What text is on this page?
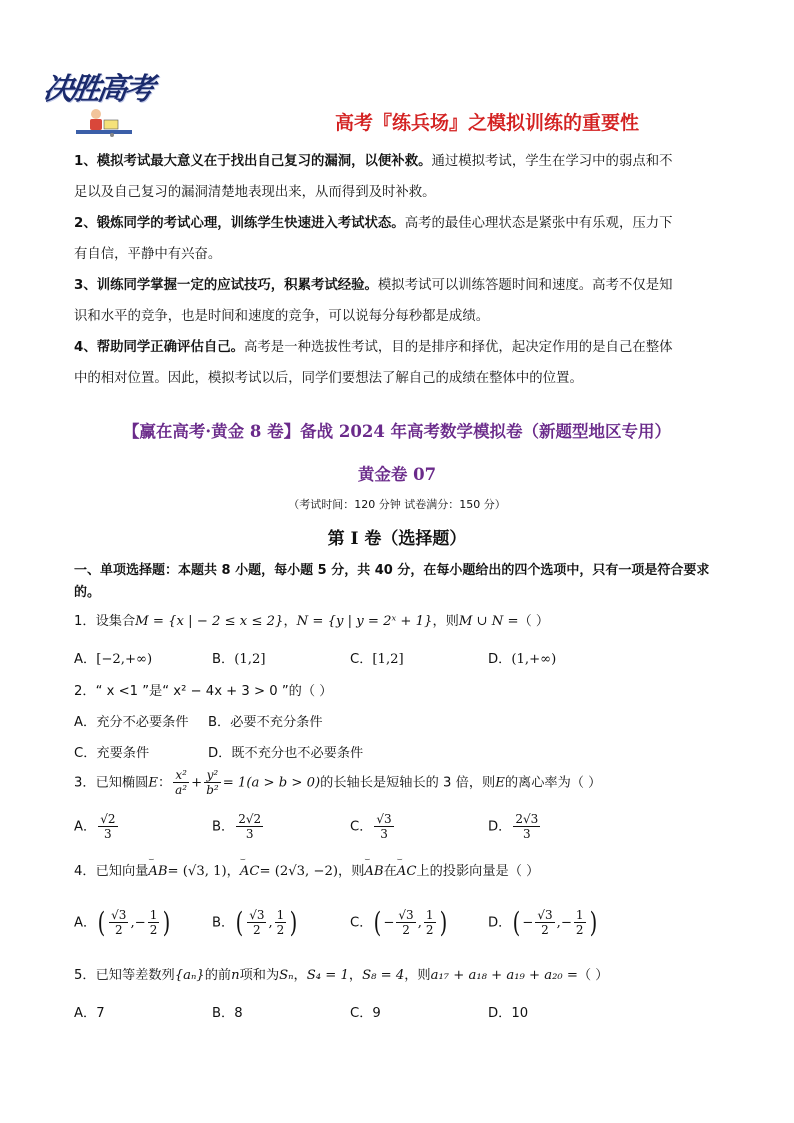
决胜高考
高考『练兵场』之模拟训练的重要性

1、模拟考试最大意义在于找出自己复习的漏洞，以便补救。通过模拟考试，学生在学习中的弱点和不
足以及自己复习的漏洞清楚地表现出来，从而得到及时补救。

2、锻炼同学的考试心理，训练学生快速进入考试状态。高考的最佳心理状态是紧张中有乐观，压力下
有自信，平静中有兴奋。

3、训练同学掌握一定的应试技巧，积累考试经验。模拟考试可以训练答题时间和速度。高考不仅是知
识和水平的竞争，也是时间和速度的竞争，可以说每分每秒都是成绩。

4、帮助同学正确评估自己。高考是一种选拔性考试，目的是排序和择优，起决定作用的是自己在整体
中的相对位置。因此，模拟考试以后，同学们要想法了解自己的成绩在整体中的位置。

【赢在高考·黄金 8 卷】备战 2024 年高考数学模拟卷（新题型地区专用）
黄金卷 07
（考试时间：120 分钟 试卷满分：150 分）
第 I 卷（选择题）
一、单项选择题：本题共 8 小题，每小题 5 分，共 40 分，在每小题给出的四个选项中，只有一项是符合要求的。
1．设集合M = {x | − 2 ≤ x ≤ 2}，N = {y | y = 2ˣ + 1}，则M ∪ N =（ ）
A．[−2,+∞)	B．(1,2]	C．[1,2]	D．(1,+∞)
2．“ x <1 ”是“ x² − 4x + 3 > 0 ”的（ ）
A．充分不必要条件 B．必要不充分条件
C．充要条件	D．既不充分也不必要条件
3．已知椭圆E： $\frac{\text{x²}}{\text{a²}} + \frac{\text{y²}}{\text{b²}} = 1(a > b > 0)$的长轴长是短轴长的 3 倍，则E的离心率为（ ）
A． $\frac{√2}{3}$	B． $\frac{2√2}{3}$	C． $\frac{√3}{3}$	D． $\frac{2√3}{3}$
4．已知向量⌣ AB= (√3, 1)，⌣ AC= (2√3, −2)，则⌣ AB在⌣ AC上的投影向量是（ ）
A．( $\frac{√3}{2}$ ,− $\frac{1}{2}$ )	B．( $\frac{√3}{2}$ , $\frac{1}{2}$ )	C．( − $\frac{√3}{2}$ , $\frac{1}{2}$ )	D．( − $\frac{√3}{2}$ ,− $\frac{1}{2}$ )
5．已知等差数列{aₙ}的前n项和为Sₙ，S₄ = 1，S₈ = 4，则a₁₇ + a₁₈ + a₁₉ + a₂₀ =（ ）
A．7	B．8	C．9	D．10
